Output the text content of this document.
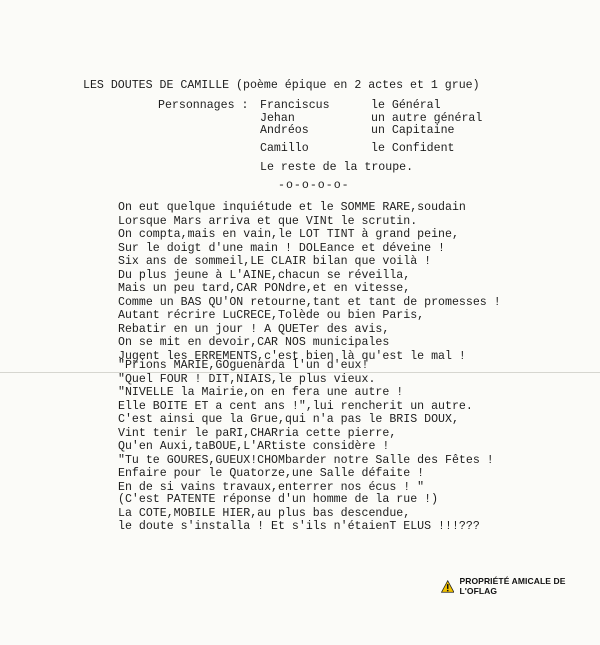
LES DOUTES DE CAMILLE (poème épique en 2 actes et 1 grue)
Personnages : Franciscus	le Général
Jehan	un autre général
Andréos	un Capitaine
Camillo	le Confident
Le reste de la troupe.
-o-o-o-o-
On eut quelque inquiétude et le SOMME RARE,soudain
Lorsque Mars arriva et que VINt le scrutin.
On compta,mais en vain,le LOT TINT à grand peine,
Sur le doigt d'une main ! DOLEance et déveine !
Six ans de sommeil,LE CLAIR bilan que voilà !
Du plus jeune à L'AINE,chacun se réveilla,
Mais un peu tard,CAR PONdre,et en vitesse,
Comme un BAS QU'ON retourne,tant et tant de promesses !
Autant récrire LuCRECE,Tolède ou bien Paris,
Rebatir en un jour ! A QUETer des avis,
On se mit en devoir,CAR NOS municipales
Jugent les ERREMENTS,c'est bien là qu'est le mal !
"Prions MARIE,GOguenarda l'un d'eux!
"Quel FOUR ! DIT,NIAIS,le plus vieux.
"NIVELLE la Mairie,on en fera une autre !
Elle BOITE ET a cent ans !",lui rencherit un autre.
C'est ainsi que la Grue,qui n'a pas le BRIS DOUX,
Vint tenir le paRI,CHARria cette pierre,
Qu'en Auxi,taBOUE,L'ARtiste considère !
"Tu te GOURES,GUEUX!CHOMbarder notre Salle des Fêtes !
Enfaire pour le Quatorze,une Salle défaite !
En de si vains travaux,enterrer nos écus ! "
(C'est PATENTE réponse d'un homme de la rue !)
La COTE,MOBILE HIER,au plus bas descendue,
le doute s'installa ! Et s'ils n'étaienT ELUS !!!???
PROPRIÉTÉ AMICALE DE L'OFLAG
